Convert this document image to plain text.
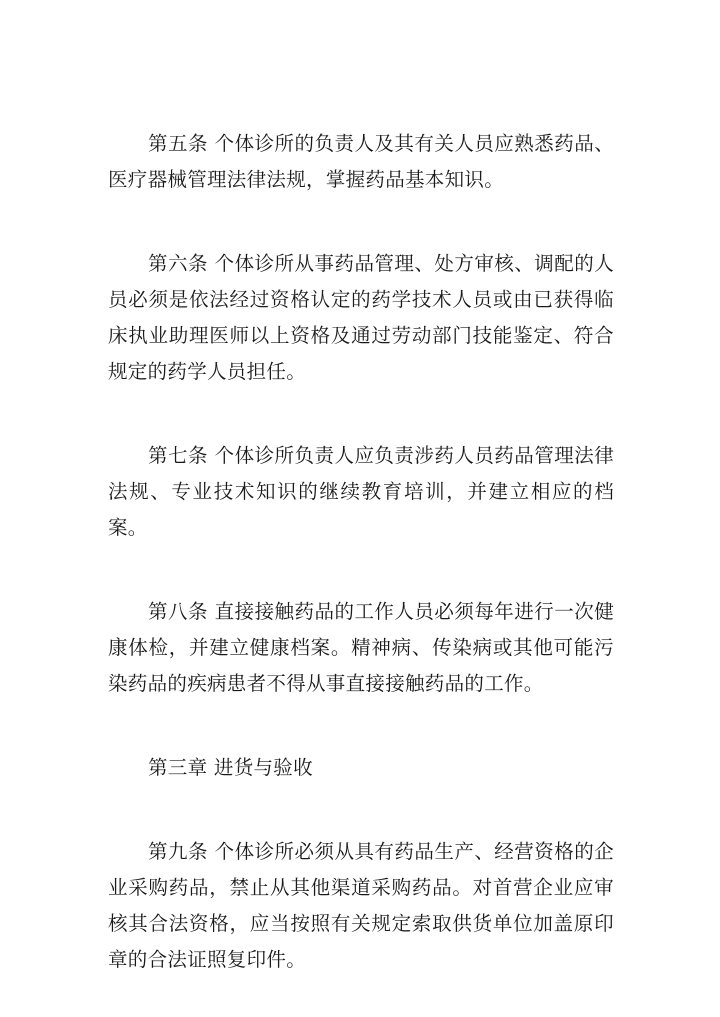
第五条 个体诊所的负责人及其有关人员应熟悉药品、医疗器械管理法律法规，掌握药品基本知识。

第六条 个体诊所从事药品管理、处方审核、调配的人员必须是依法经过资格认定的药学技术人员或由已获得临床执业助理医师以上资格及通过劳动部门技能鉴定、符合规定的药学人员担任。

第七条 个体诊所负责人应负责涉药人员药品管理法律法规、专业技术知识的继续教育培训，并建立相应的档案。

第八条 直接接触药品的工作人员必须每年进行一次健康体检，并建立健康档案。精神病、传染病或其他可能污染药品的疾病患者不得从事直接接触药品的工作。

第三章 进货与验收

第九条 个体诊所必须从具有药品生产、经营资格的企业采购药品，禁止从其他渠道采购药品。对首营企业应审核其合法资格，应当按照有关规定索取供货单位加盖原印章的合法证照复印件。
